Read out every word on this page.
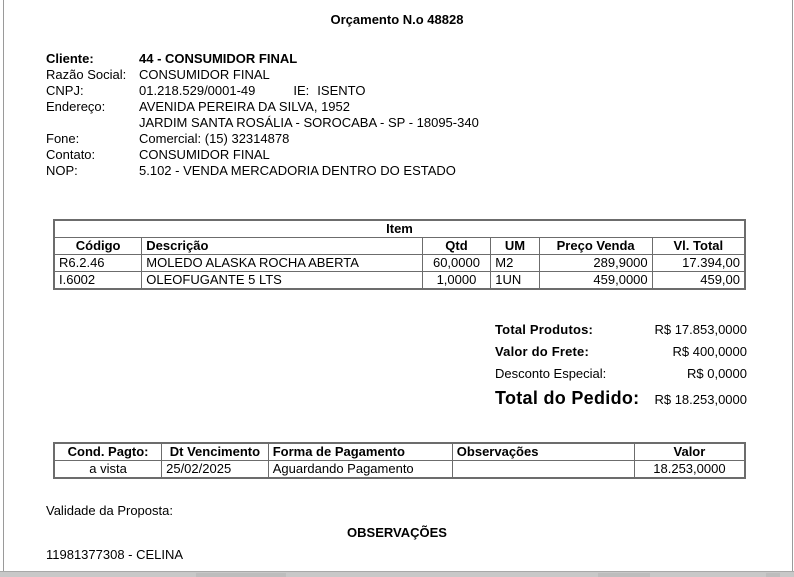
Orçamento N.o 48828
Cliente:	44 - CONSUMIDOR FINAL
Razão Social: CONSUMIDOR FINAL
CNPJ:	01.218.529/0001-49	IE: ISENTO
Endereço:	AVENIDA PEREIRA DA SILVA, 1952
JARDIM SANTA ROSÁLIA - SOROCABA - SP - 18095-340
Fone:	Comercial: (15) 32314878
Contato:	CONSUMIDOR FINAL
NOP:	5.102 - VENDA MERCADORIA DENTRO DO ESTADO
Item					
Código	Descrição	Qtd	UM	Preço Venda	Vl. Total
R6.2.46	MOLEDO ALASKA ROCHA ABERTA	60,0000	M2	289,9000	17.394,00
I.6002	OLEOFUGANTE 5 LTS	1,0000	1UN	459,0000	459,00
Total Produtos:	R$ 17.853,0000
Valor do Frete:	R$ 400,0000
Desconto Especial:	R$ 0,0000
Total do Pedido: R$ 18.253,0000
Cond. Pagto:	Dt Vencimento	Forma de Pagamento	Observações	Valor
a vista	25/02/2025	Aguardando Pagamento		18.253,0000
Validade da Proposta:
OBSERVAÇÕES
11981377308 - CELINA
